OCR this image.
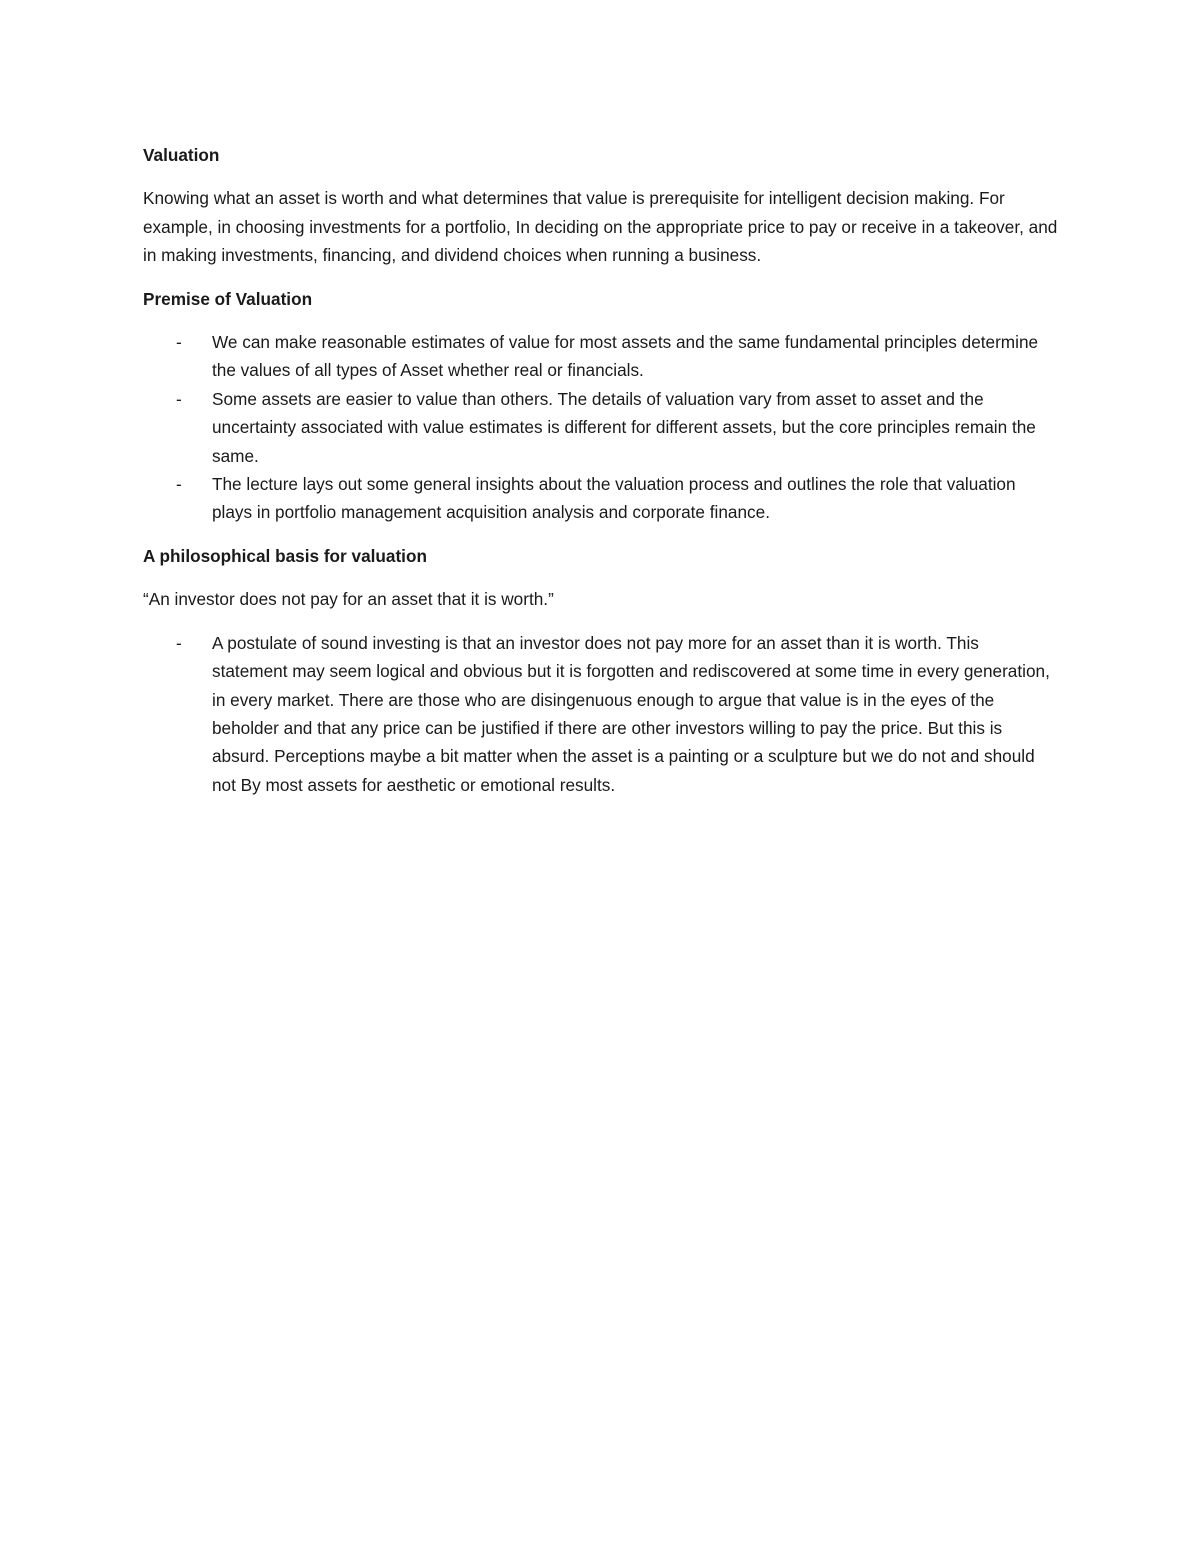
Valuation
Knowing what an asset is worth and what determines that value is prerequisite for intelligent decision making. For example, in choosing investments for a portfolio, In deciding on the appropriate price to pay or receive in a takeover, and in making investments, financing, and dividend choices when running a business.
Premise of Valuation
- We can make reasonable estimates of value for most assets and the same fundamental principles determine the values of all types of Asset whether real or financials.
- Some assets are easier to value than others. The details of valuation vary from asset to asset and the uncertainty associated with value estimates is different for different assets, but the core principles remain the same.
- The lecture lays out some general insights about the valuation process and outlines the role that valuation plays in portfolio management acquisition analysis and corporate finance.
A philosophical basis for valuation
“An investor does not pay for an asset that it is worth.”
- A postulate of sound investing is that an investor does not pay more for an asset than it is worth. This statement may seem logical and obvious but it is forgotten and rediscovered at some time in every generation, in every market. There are those who are disingenuous enough to argue that value is in the eyes of the beholder and that any price can be justified if there are other investors willing to pay the price. But this is absurd. Perceptions maybe a bit matter when the asset is a painting or a sculpture but we do not and should not By most assets for aesthetic or emotional results.
